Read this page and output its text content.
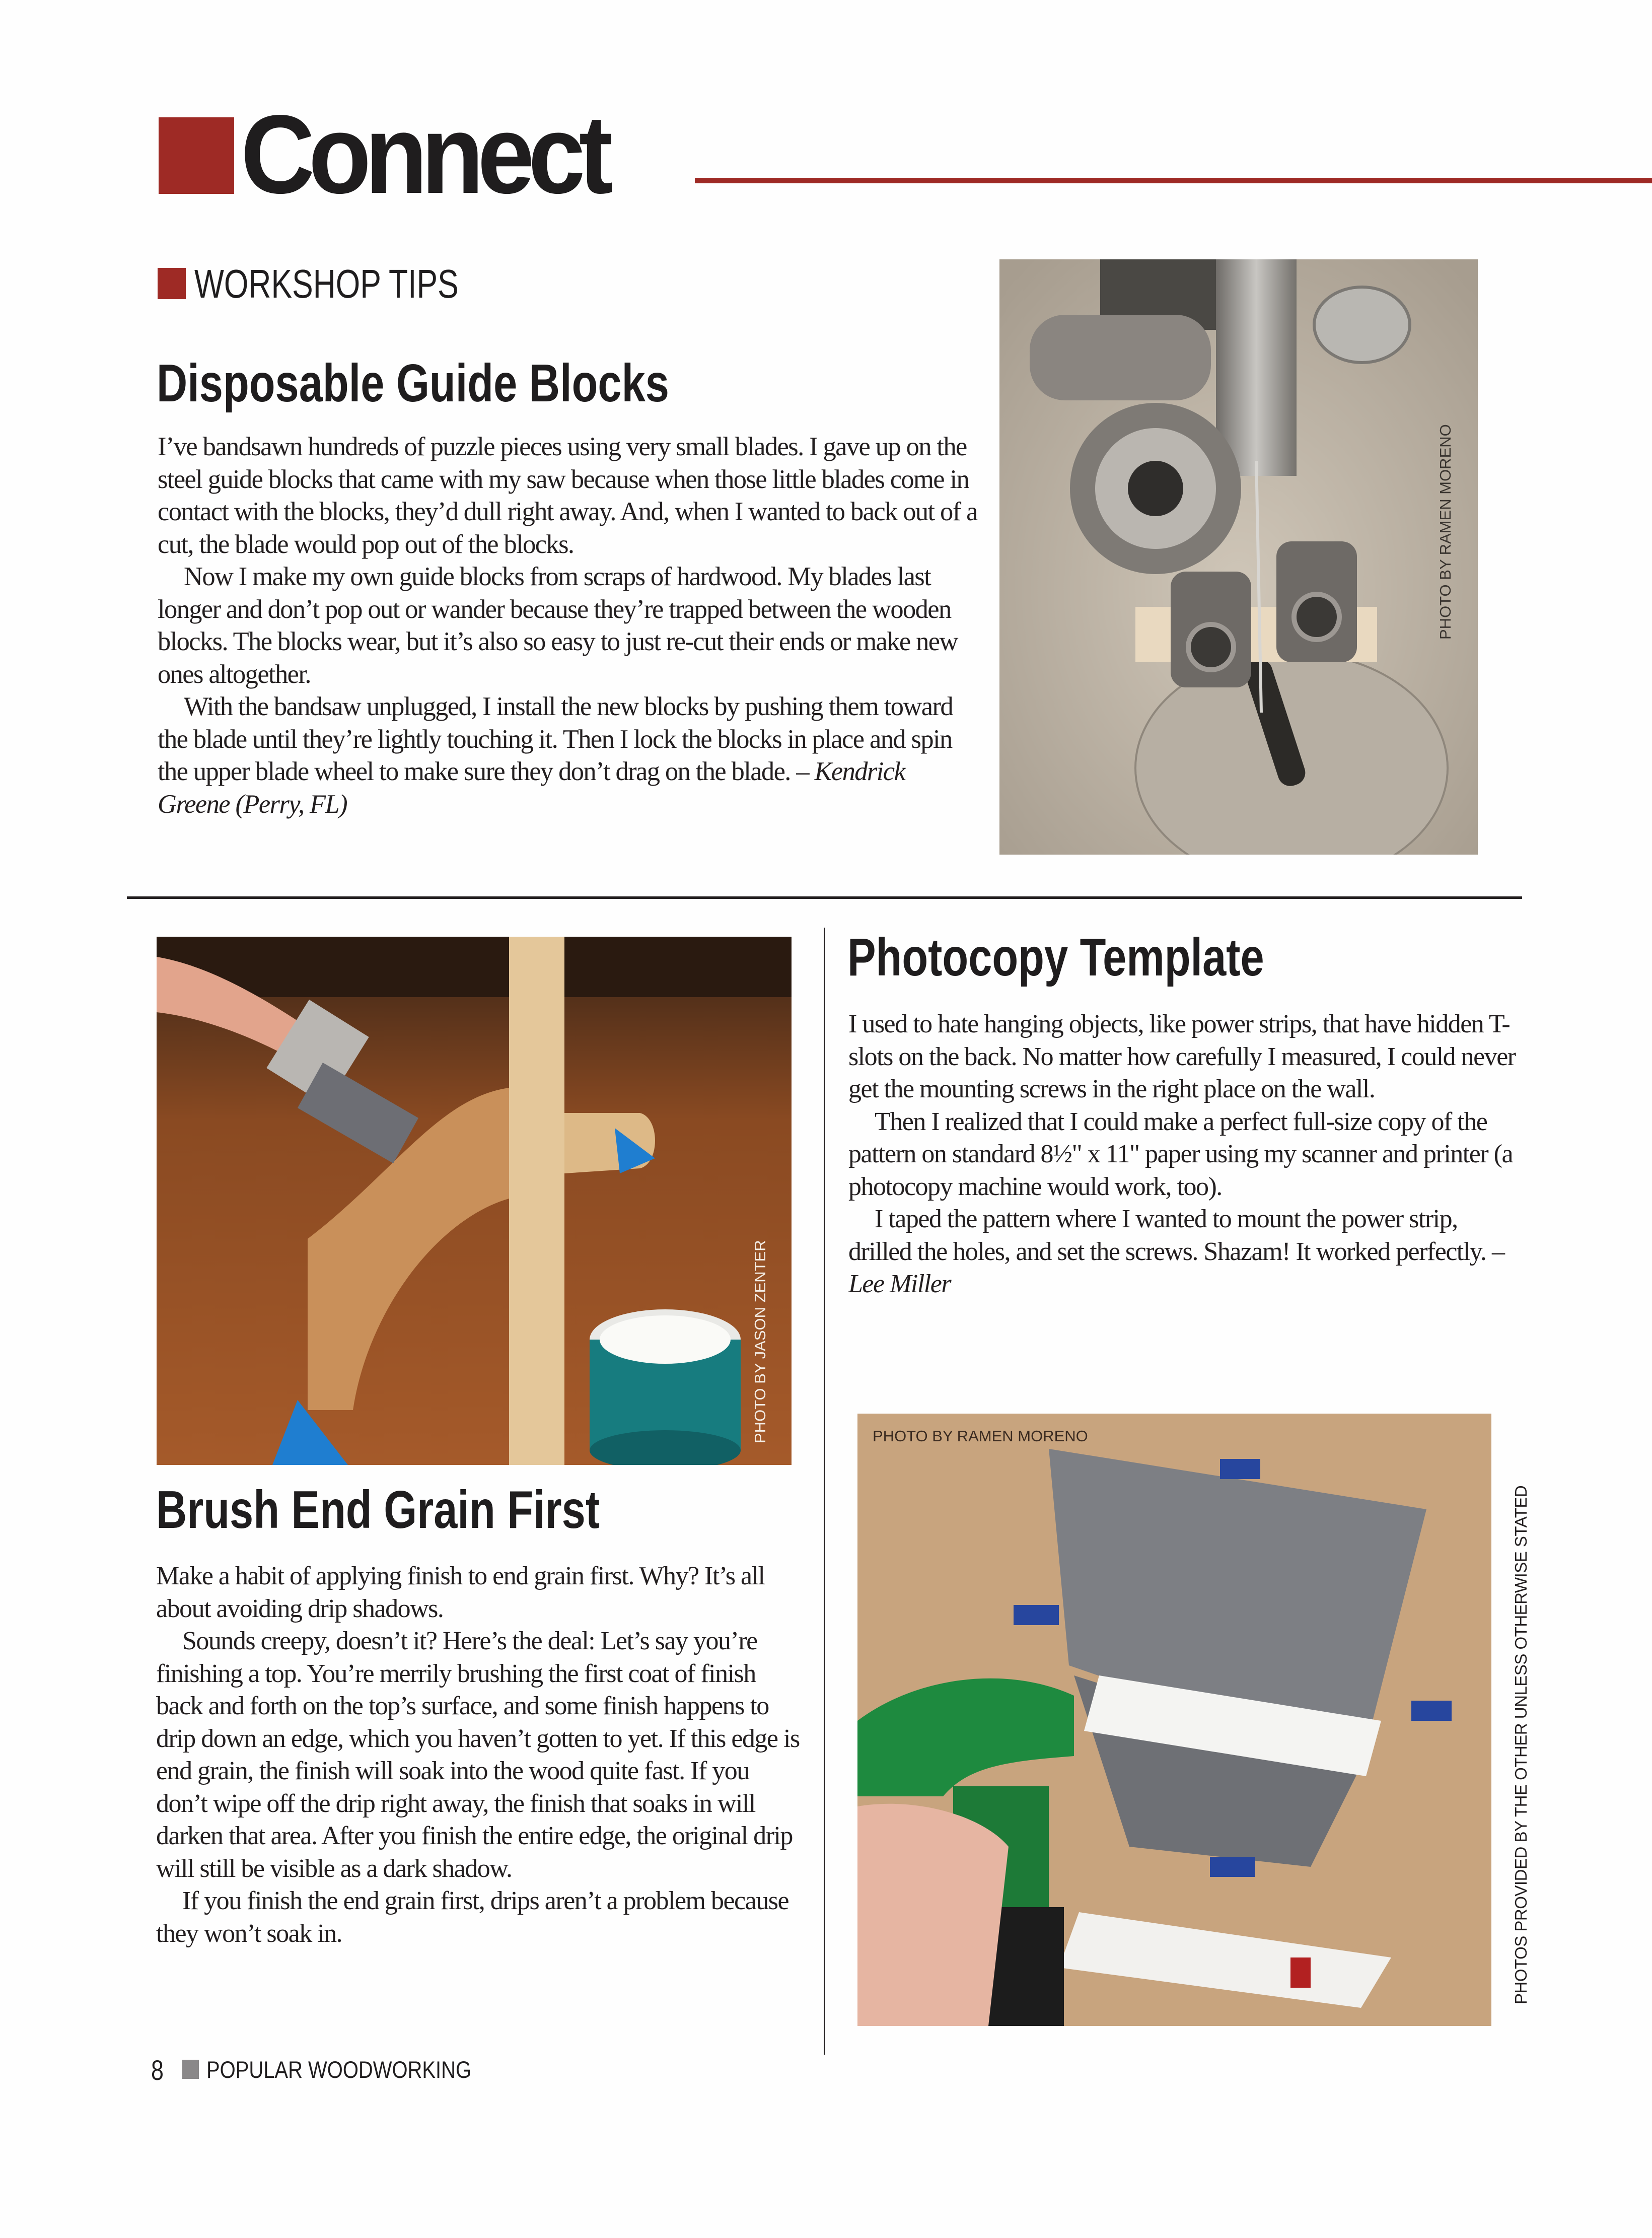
Connect
WORKSHOP TIPS
Disposable Guide Blocks

I’ve bandsawn hundreds of puzzle pieces using very small blades. I gave up on the steel guide blocks that came with my saw because when those little blades come in contact with the blocks, they’d dull right away. And, when I wanted to back out of a cut, the blade would pop out of the blocks.

Now I make my own guide blocks from scraps of hardwood. My blades last longer and don’t pop out or wander because they’re trapped between the wooden blocks. The blocks wear, but it’s also so easy to just re-cut their ends or make new ones altogether.

With the bandsaw unplugged, I install the new blocks by pushing them toward the blade until they’re lightly touching it. Then I lock the blocks in place and spin the upper blade wheel to make sure they don’t drag on the blade. – Kendrick Greene (Perry, FL)

PHOTO BY RAMEN MORENO
PHOTO BY JASON ZENTER
Photocopy Template

I used to hate hanging objects, like power strips, that have hidden T-slots on the back. No matter how carefully I measured, I could never get the mounting screws in the right place on the wall.

Then I realized that I could make a perfect full-size copy of the pattern on standard 8½" x 11" paper using my scanner and printer (a photocopy machine would work, too).

I taped the pattern where I wanted to mount the power strip, drilled the holes, and set the screws. Shazam! It worked perfectly. – Lee Miller

PHOTO BY RAMEN MORENO
PHOTOS PROVIDED BY THE OTHER UNLESS OTHERWISE STATED
Brush End Grain First

Make a habit of applying finish to end grain first. Why? It’s all about avoiding drip shadows.

Sounds creepy, doesn’t it? Here’s the deal: Let’s say you’re finishing a top. You’re merrily brushing the first coat of finish back and forth on the top’s surface, and some finish happens to drip down an edge, which you haven’t gotten to yet. If this edge is end grain, the finish will soak into the wood quite fast. If you don’t wipe off the drip right away, the finish that soaks in will darken that area. After you finish the entire edge, the original drip will still be visible as a dark shadow.

If you finish the end grain first, drips aren’t a problem because they won’t soak in.

8 POPULAR WOODWORKING
